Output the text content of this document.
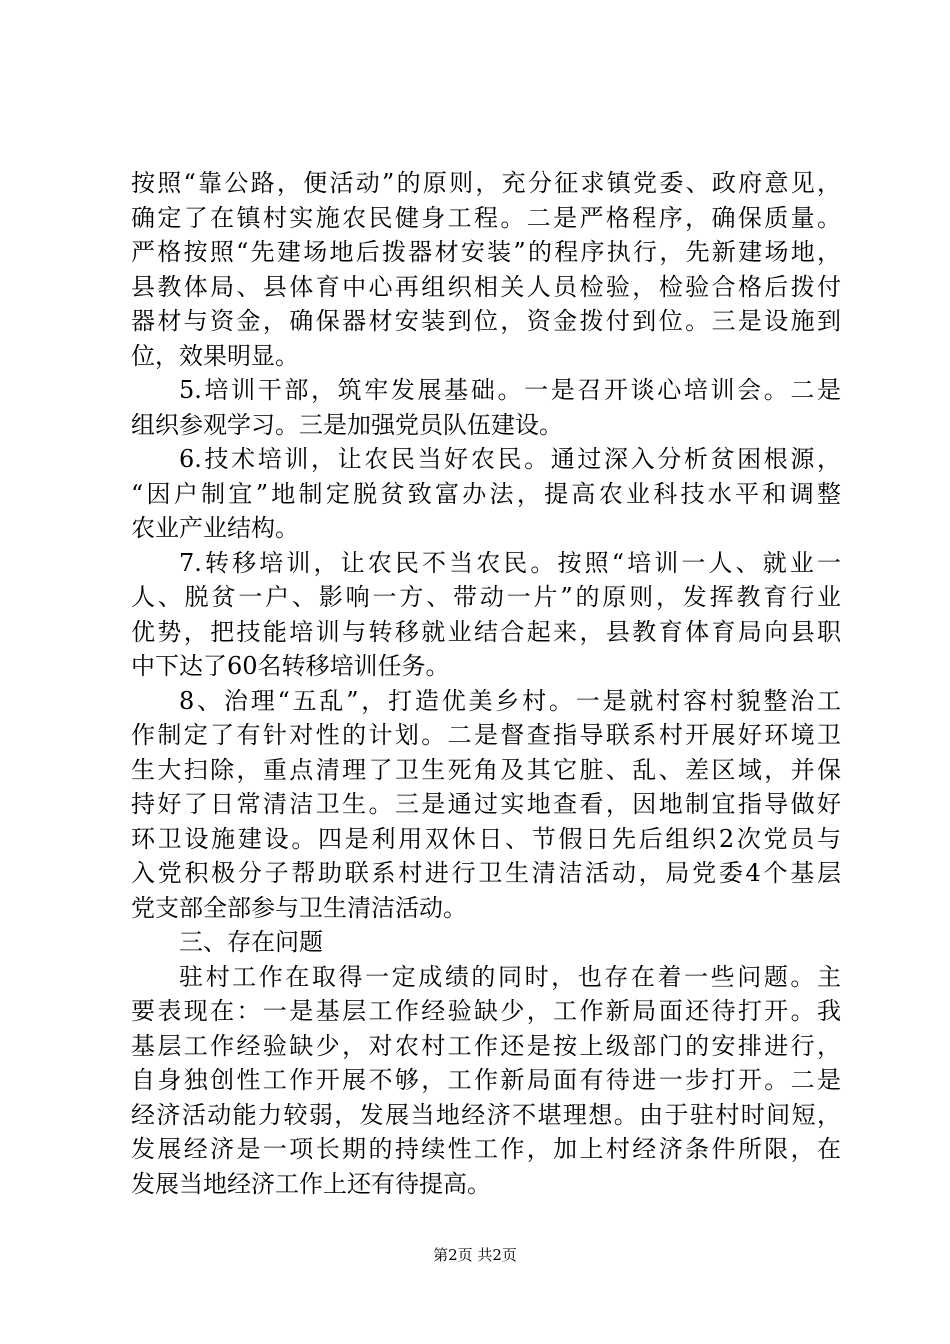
按照“靠公路，便活动”的原则，充分征求镇党委、政府意见，
确定了在镇村实施农民健身工程。二是严格程序，确保质量。
严格按照“先建场地后拨器材安装”的程序执行，先新建场地，
县教体局、县体育中心再组织相关人员检验，检验合格后拨付
器材与资金，确保器材安装到位，资金拨付到位。三是设施到
位，效果明显。

5.培训干部，筑牢发展基础。一是召开谈心培训会。二是
组织参观学习。三是加强党员队伍建设。

6.技术培训，让农民当好农民。通过深入分析贫困根源，
“因户制宜”地制定脱贫致富办法，提高农业科技水平和调整
农业产业结构。

7.转移培训，让农民不当农民。按照“培训一人、就业一
人、脱贫一户、影响一方、带动一片”的原则，发挥教育行业
优势，把技能培训与转移就业结合起来，县教育体育局向县职
中下达了60名转移培训任务。

8、治理“五乱”，打造优美乡村。一是就村容村貌整治工
作制定了有针对性的计划。二是督查指导联系村开展好环境卫
生大扫除，重点清理了卫生死角及其它脏、乱、差区域，并保
持好了日常清洁卫生。三是通过实地查看，因地制宜指导做好
环卫设施建设。四是利用双休日、节假日先后组织2次党员与
入党积极分子帮助联系村进行卫生清洁活动，局党委4个基层
党支部全部参与卫生清洁活动。

三、存在问题

驻村工作在取得一定成绩的同时，也存在着一些问题。主
要表现在：一是基层工作经验缺少，工作新局面还待打开。我
基层工作经验缺少，对农村工作还是按上级部门的安排进行，
自身独创性工作开展不够，工作新局面有待进一步打开。二是
经济活动能力较弱，发展当地经济不堪理想。由于驻村时间短，
发展经济是一项长期的持续性工作，加上村经济条件所限，在
发展当地经济工作上还有待提高。

第2页 共2页
